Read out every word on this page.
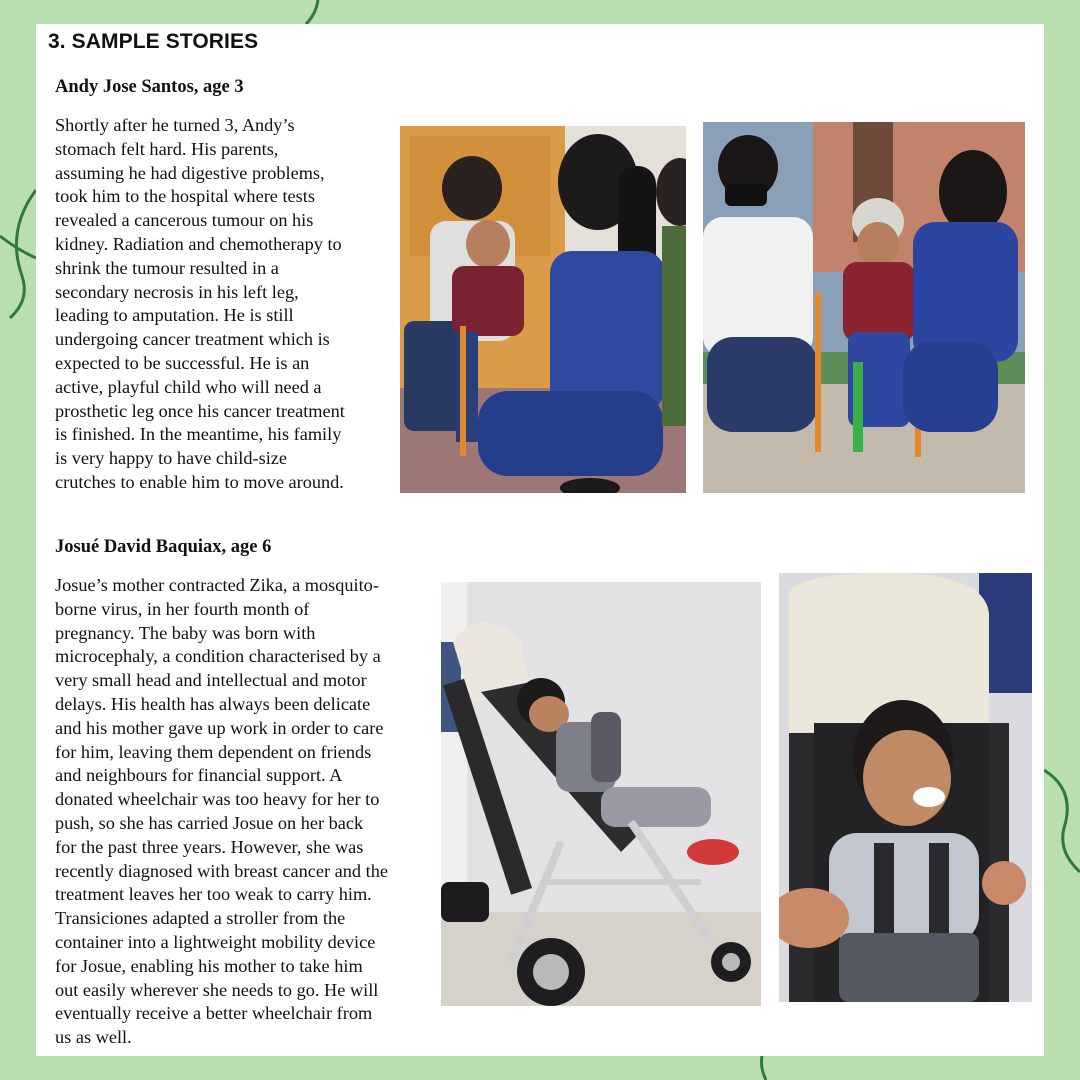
3. SAMPLE STORIES
Andy Jose Santos, age 3
Shortly after he turned 3, Andy’s
stomach felt hard. His parents,
assuming he had digestive problems,
took him to the hospital where tests
revealed a cancerous tumour on his
kidney. Radiation and chemotherapy to
shrink the tumour resulted in a
secondary necrosis in his left leg,
leading to amputation. He is still
undergoing cancer treatment which is
expected to be successful. He is an
active, playful child who will need a
prosthetic leg once his cancer treatment
is finished. In the meantime, his family
is very happy to have child-size
crutches to enable him to move around.
Josué David Baquiax, age 6
Josue’s mother contracted Zika, a mosquito-
borne virus, in her fourth month of
pregnancy. The baby was born with
microcephaly, a condition characterised by a
very small head and intellectual and motor
delays. His health has always been delicate
and his mother gave up work in order to care
for him, leaving them dependent on friends
and neighbours for financial support. A
donated wheelchair was too heavy for her to
push, so she has carried Josue on her back
for the past three years. However, she was
recently diagnosed with breast cancer and the
treatment leaves her too weak to carry him.
Transiciones adapted a stroller from the
container into a lightweight mobility device
for Josue, enabling his mother to take him
out easily wherever she needs to go. He will
eventually receive a better wheelchair from
us as well.
